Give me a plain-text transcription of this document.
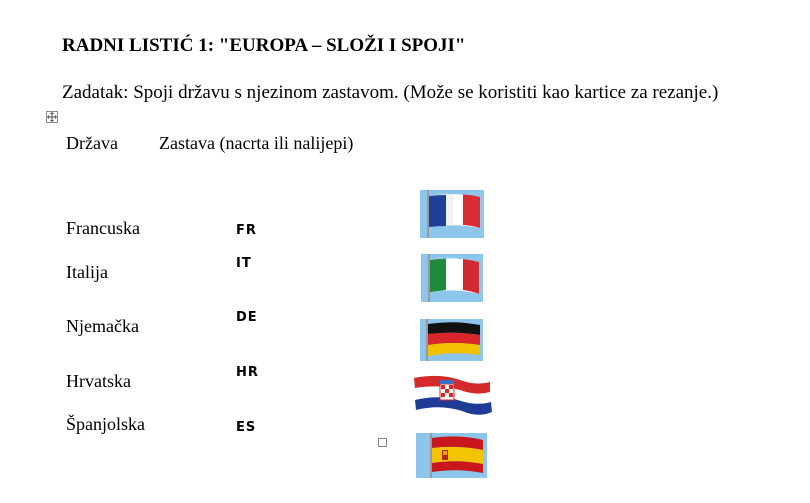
RADNI LISTIĆ 1: "EUROPA – SLOŽI I SPOJI"
Zadatak: Spoji državu s njezinom zastavom. (Može se koristiti kao kartice za rezanje.)
Država Zastava (nacrta ili nalijepi)
Francuska	FR
Italija	IT
Njemačka	DE
Hrvatska	HR
Španjolska	ES
